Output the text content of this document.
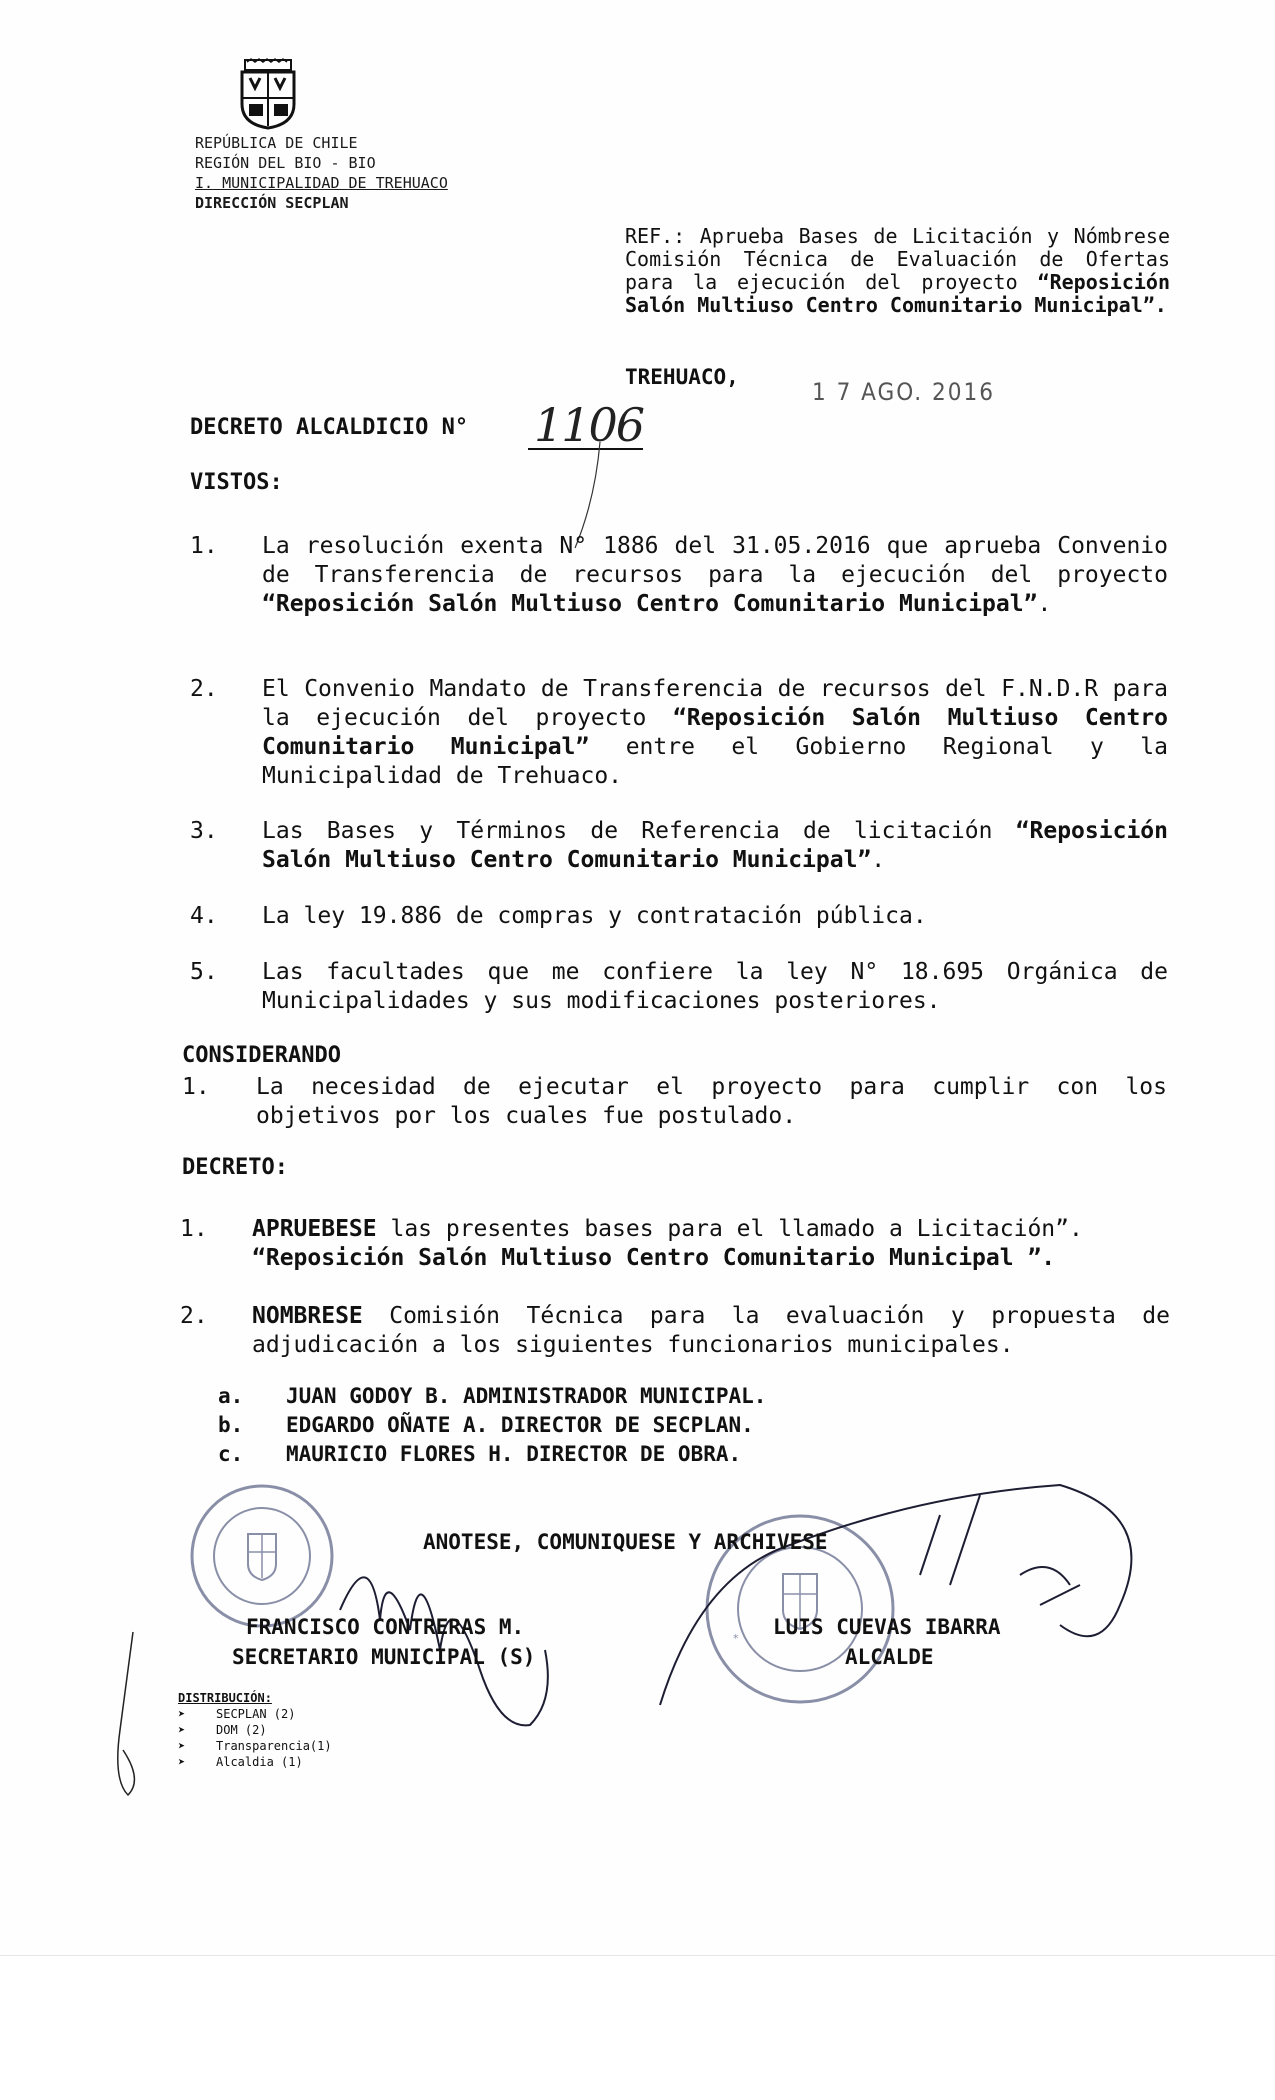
REPÚBLICA DE CHILE
REGIÓN DEL BIO - BIO
I. MUNICIPALIDAD DE TREHUACO
DIRECCIÓN SECPLAN
REF.: Aprueba Bases de Licitación y Nómbrese Comisión Técnica de Evaluación de Ofertas para la ejecución del proyecto “Reposición Salón Multiuso Centro Comunitario Municipal”.
TREHUACO,
1 7 AGO. 2016
DECRETO ALCALDICIO N° 1106
VISTOS:
1. La resolución exenta N° 1886 del 31.05.2016 que aprueba Convenio de Transferencia de recursos para la ejecución del proyecto “Reposición Salón Multiuso Centro Comunitario Municipal”.
2. El Convenio Mandato de Transferencia de recursos del F.N.D.R para la ejecución del proyecto “Reposición Salón Multiuso Centro Comunitario Municipal” entre el Gobierno Regional y la Municipalidad de Trehuaco.
3. Las Bases y Términos de Referencia de licitación “Reposición Salón Multiuso Centro Comunitario Municipal”.
4. La ley 19.886 de compras y contratación pública.
5. Las facultades que me confiere la ley N° 18.695 Orgánica de Municipalidades y sus modificaciones posteriores.
CONSIDERANDO
1. La necesidad de ejecutar el proyecto para cumplir con los objetivos por los cuales fue postulado.
DECRETO:
1. APRUEBESE las presentes bases para el llamado a Licitación”.
“Reposición Salón Multiuso Centro Comunitario Municipal ”.
2. NOMBRESE Comisión Técnica para la evaluación y propuesta de adjudicación a los siguientes funcionarios municipales.
a. JUAN GODOY B. ADMINISTRADOR MUNICIPAL.
b. EDGARDO OÑATE A. DIRECTOR DE SECPLAN.
c. MAURICIO FLORES H. DIRECTOR DE OBRA.
*
ANOTESE, COMUNIQUESE Y ARCHIVESE
FRANCISCO CONTRERAS M.
SECRETARIO MUNICIPAL (S)
LUIS CUEVAS IBARRA
ALCALDE
DISTRIBUCIÓN:
➤	SECPLAN (2)
➤	DOM (2)
➤	Transparencia(1)
➤	Alcaldia (1)
